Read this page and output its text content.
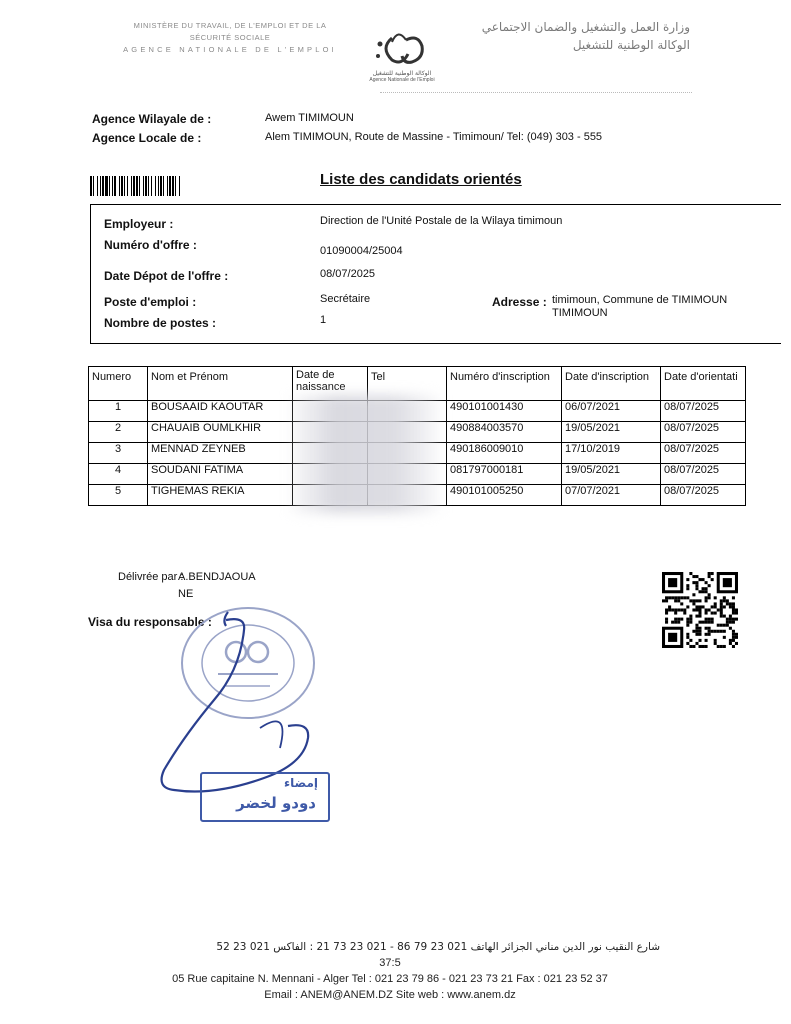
MINISTÈRE DU TRAVAIL, DE L'EMPLOI ET DE LA SÉCURITÉ SOCIALE
AGENCE NATIONALE DE L'EMPLOI
الوكالة الوطنية للتشغيل
Agence Nationale de l'Emploi
وزارة العمل والتشغيل والضمان الاجتماعي
الوكالة الوطنية للتشغيل
Agence Wilayale de :	Awem TIMIMOUN
Agence Locale de :	Alem TIMIMOUN, Route de Massine - Timimoun/ Tel: (049) 303 - 555
Liste des candidats orientés
Employeur :	Direction de l'Unité Postale de la Wilaya timimoun
Numéro d'offre :	01090004/25004
Date Dépot de l'offre :	08/07/2025
Poste d'emploi :	Secrétaire
Nombre de postes :	1
Adresse : timimoun, Commune de TIMIMOUN
TIMIMOUN
Numero	Nom et Prénom	Date de naissance	Tel	Numéro d'inscription	Date d'inscription	Date d'orientati
1	BOUSAAID KAOUTAR			490101001430	06/07/2021	08/07/2025
2	CHAUAIB OUMLKHIR			490884003570	19/05/2021	08/07/2025
3	MENNAD ZEYNEB			490186009010	17/10/2019	08/07/2025
4	SOUDANI FATIMA			081797000181	19/05/2021	08/07/2025
5	TIGHEMAS REKIA			490101005250	07/07/2021	08/07/2025
Délivrée par :
A.BENDJAOUA
NE
Visa du responsable :
إمضاء
دودو لخضر
شارع النقيب نور الدين مناني الجزائر الهاتف 021 23 79 86 - 021 23 73 21 : الفاكس 021 23 52
37:5
05 Rue capitaine N. Mennani - Alger Tel : 021 23 79 86 - 021 23 73 21 Fax : 021 23 52 37
Email : ANEM@ANEM.DZ Site web : www.anem.dz
